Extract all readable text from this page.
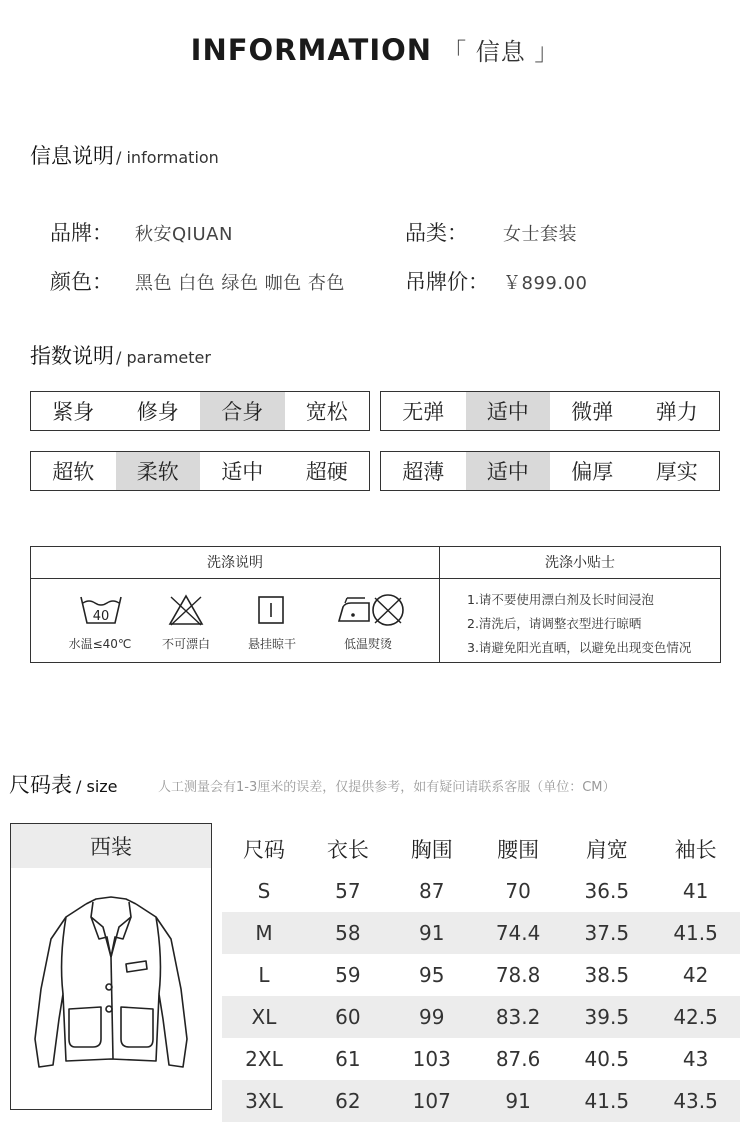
INFORMATION 「 信息 」
信息说明 / information
品牌： 秋安QIUAN	品类： 女士套装
颜色： 黑色 白色 绿色 咖色 杏色	吊牌价： ￥899.00
指数说明 / parameter
紧身	修身	合身	宽松	无弹	适中	微弹	弹力
超软	柔软	适中	超硬	超薄	适中	偏厚	厚实
洗涤说明	洗涤小贴士
40
水温≤40℃	不可漂白	悬挂晾干	低温熨烫
1.请不要使用漂白剂及长时间浸泡
2.清洗后，请调整衣型进行晾晒
3.请避免阳光直晒，以避免出现变色情况
尺码表 / size	人工测量会有1-3厘米的误差，仅提供参考，如有疑问请联系客服（单位：CM）
西装	尺码	衣长	胸围	腰围	肩宽	袖长
S	57	87	70	36.5	41
M	58	91	74.4	37.5	41.5
L	59	95	78.8	38.5	42
XL	60	99	83.2	39.5	42.5
2XL	61	103	87.6	40.5	43
3XL	62	107	91	41.5	43.5
